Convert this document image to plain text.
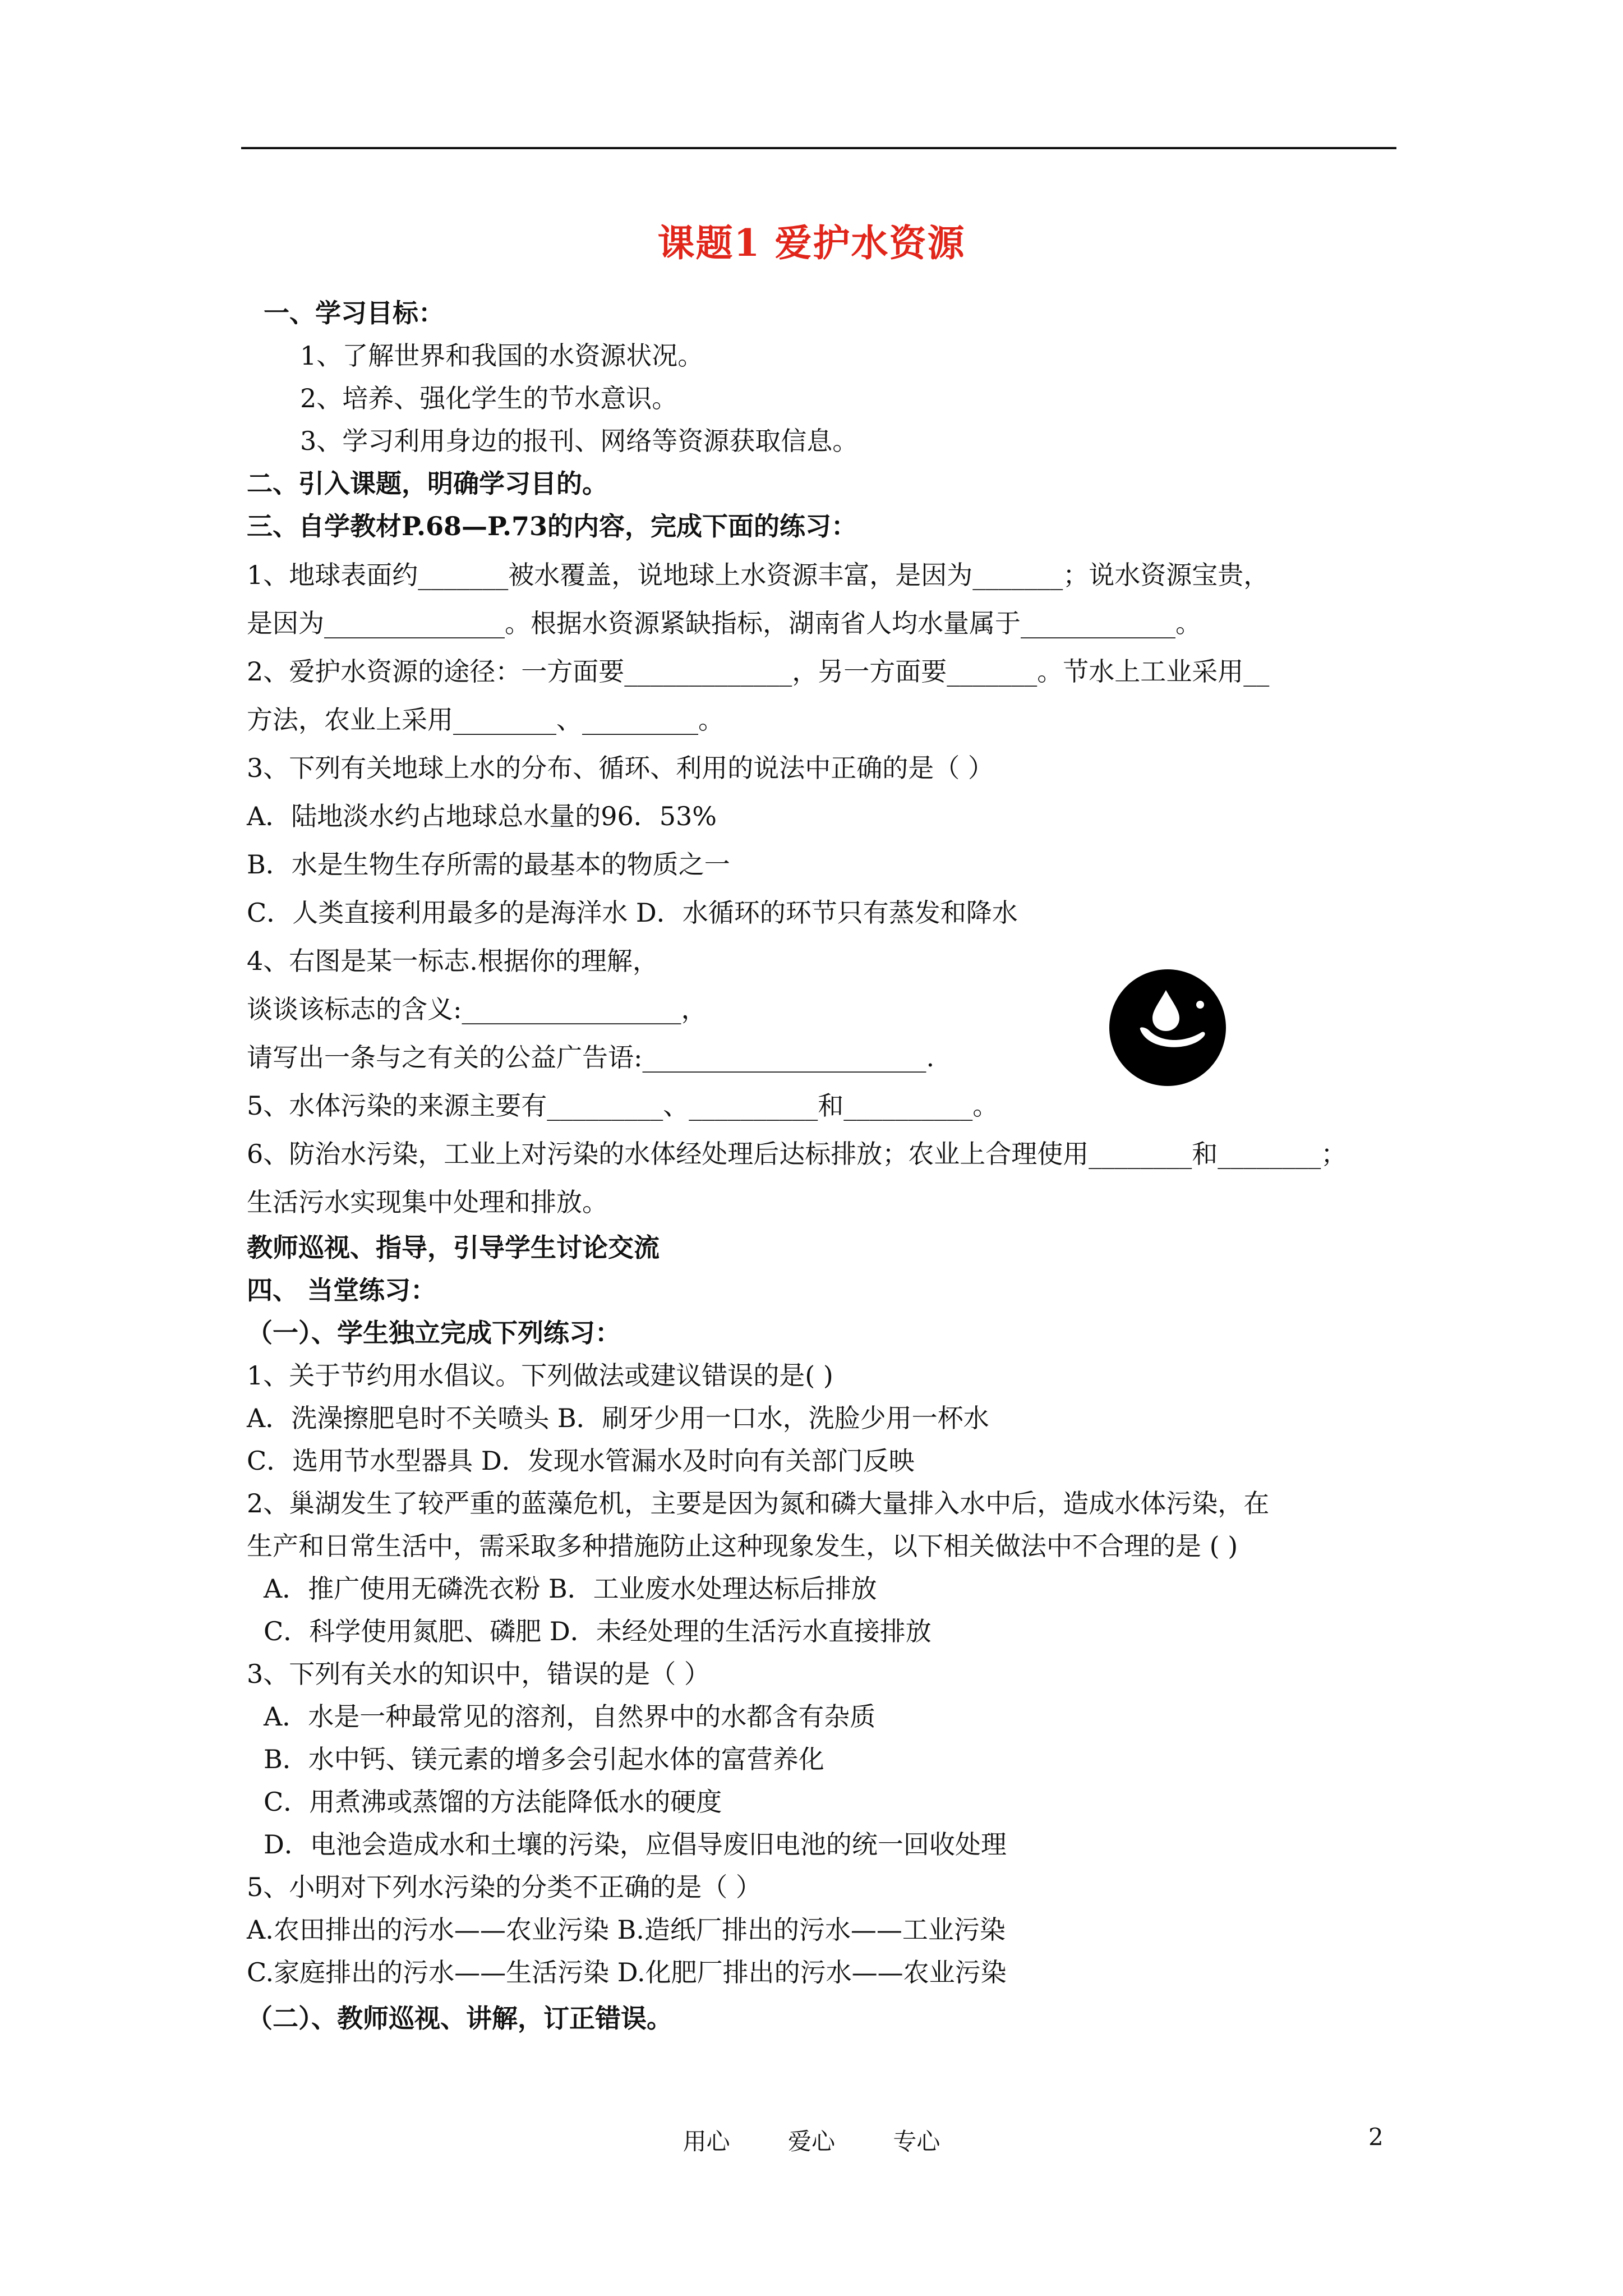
课题1 爱护水资源
一、学习目标：
1、了解世界和我国的水资源状况。
2、培养、强化学生的节水意识。
3、学习利用身边的报刊、网络等资源获取信息。
二、引入课题，明确学习目的。
三、自学教材P.68—P.73的内容，完成下面的练习：
1、地球表面约_______被水覆盖，说地球上水资源丰富，是因为_______；说水资源宝贵，
是因为______________。根据水资源紧缺指标，湖南省人均水量属于____________。
2、爱护水资源的途径：一方面要_____________，另一方面要_______。节水上工业采用__
方法，农业上采用________、_________。
3、下列有关地球上水的分布、循环、利用的说法中正确的是（ ）
A．陆地淡水约占地球总水量的96．53%
B．水是生物生存所需的最基本的物质之一
C．人类直接利用最多的是海洋水 D．水循环的环节只有蒸发和降水
4、右图是某一标志.根据你的理解，
谈谈该标志的含义:_________________，
请写出一条与之有关的公益广告语:______________________.
5、水体污染的来源主要有_________、__________和__________。
6、防治水污染，工业上对污染的水体经处理后达标排放；农业上合理使用________和________；
生活污水实现集中处理和排放。
教师巡视、指导，引导学生讨论交流
四、 当堂练习：
（一）、学生独立完成下列练习：
1、关于节约用水倡议。下列做法或建议错误的是( )
A．洗澡擦肥皂时不关喷头 B．刷牙少用一口水，洗脸少用一杯水
C．选用节水型器具 D．发现水管漏水及时向有关部门反映
2、巢湖发生了较严重的蓝藻危机，主要是因为氮和磷大量排入水中后，造成水体污染，在
生产和日常生活中，需采取多种措施防止这种现象发生，以下相关做法中不合理的是 ( )
A．推广使用无磷洗衣粉 B．工业废水处理达标后排放
C．科学使用氮肥、磷肥 D．未经处理的生活污水直接排放
3、下列有关水的知识中，错误的是（ ）
A．水是一种最常见的溶剂，自然界中的水都含有杂质
B．水中钙、镁元素的增多会引起水体的富营养化
C．用煮沸或蒸馏的方法能降低水的硬度
D．电池会造成水和土壤的污染，应倡导废旧电池的统一回收处理
5、小明对下列水污染的分类不正确的是（ ）
A.农田排出的污水——农业污染 B.造纸厂排出的污水——工业污染
C.家庭排出的污水——生活污染 D.化肥厂排出的污水——农业污染
（二）、教师巡视、讲解，订正错误。
用心 爱心 专心	2
